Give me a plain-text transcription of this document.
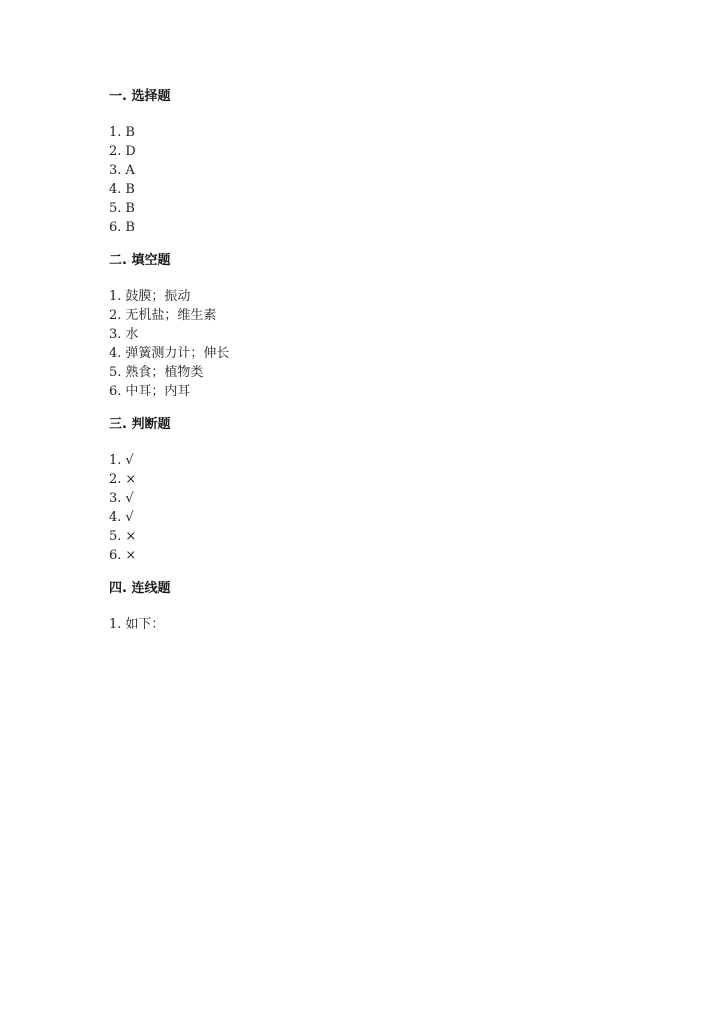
一. 选择题
1. B
2. D
3. A
4. B
5. B
6. B
二. 填空题
1. 鼓膜；振动
2. 无机盐；维生素
3. 水
4. 弹簧测力计；伸长
5. 熟食；植物类
6. 中耳；内耳
三. 判断题
1. √
2. ×
3. √
4. √
5. ×
6. ×
四. 连线题
1. 如下：
